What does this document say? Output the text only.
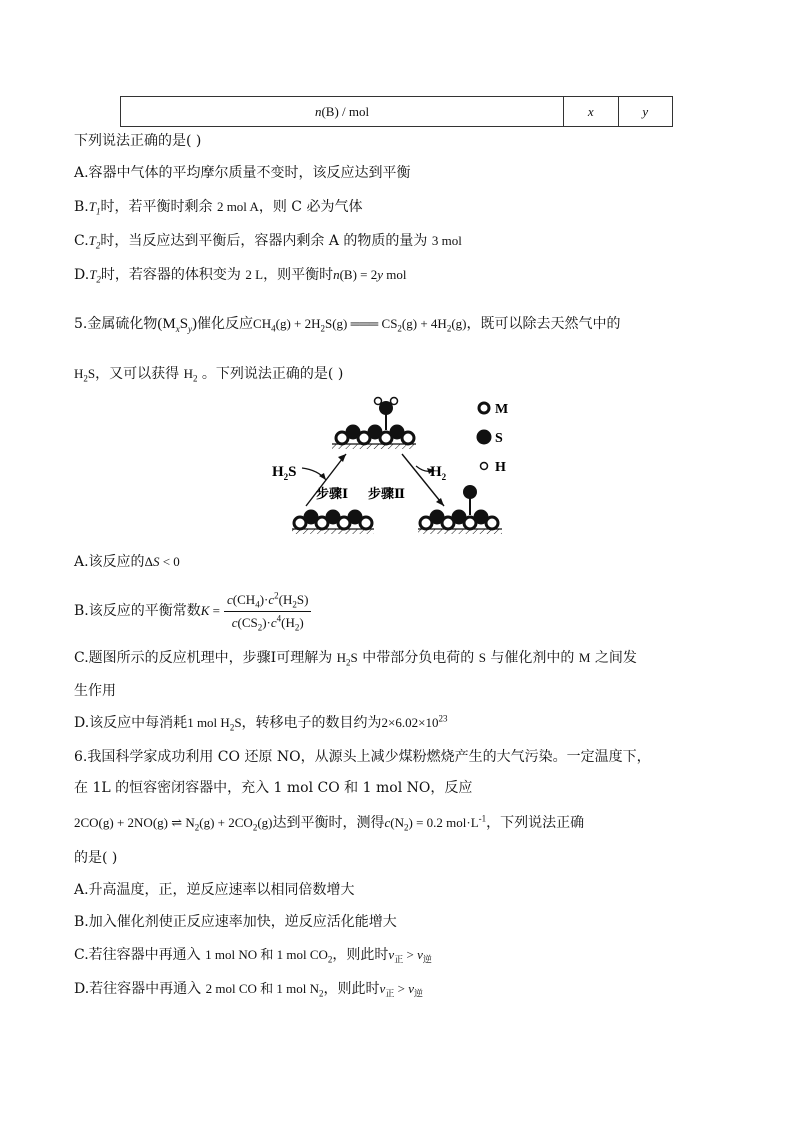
n(B) / mol	x	y
下列说法正确的是( )
A.容器中气体的平均摩尔质量不变时，该反应达到平衡
$B.T_1$时，若平衡时剩余 2 mol A，则 C 必为气体
$C.T_2$时，当反应达到平衡后，容器内剩余 A 的物质的量为 3 mol
$D.T_2$时，若容器的体积变为 2 L，则平衡时n(B) = 2y mol
5.金属硫化物$(M_xS_y)$催化反应$CH_4(g) + 2H_2S(g)$ ═══ $CS_2(g) + 4H_2(g)$，既可以除去天然气中的
$H_2S$，又可以获得 $H_2$ 。下列说法正确的是( )
$H_2S$	$H_2$
步骤Ⅰ 步骤Ⅱ
M
S
H
A.该反应的ΔS < 0
B.该反应的平衡常数$K = \frac{c(CH_4)\cdot c^2(H_2S)}{c(CS_2)\cdot c^4(H_2)}$
C.题图所示的反应机理中，步骤Ⅰ可理解为 $H_2S$ 中带部分负电荷的 S 与催化剂中的 M 之间发
生作用
D.该反应中每消耗1 mol $H_2S$，转移电子的数目约为$2\times 6.02\times 10^{23}$
6.我国科学家成功利用 CO 还原 NO，从源头上减少煤粉燃烧产生的大气污染。一定温度下，
在 1L 的恒容密闭容器中，充入 1 mol CO 和 1 mol NO，反应
2CO(g) + 2NO(g) ⇌ $N_2(g) + 2CO_2(g)$达到平衡时，测得$c(N_2) = 0.2$ $mol\cdot L^{-1}$，下列说法正确
的是( )
A.升高温度，正，逆反应速率以相同倍数增大
B.加入催化剂使正反应速率加快，逆反应活化能增大
C.若往容器中再通入 1 mol NO 和 1 mol $CO_2$，则此时$v_正 > v_逆$
D.若往容器中再通入 2 mol CO 和 1 mol $N_2$，则此时$v_正 > v_逆$
